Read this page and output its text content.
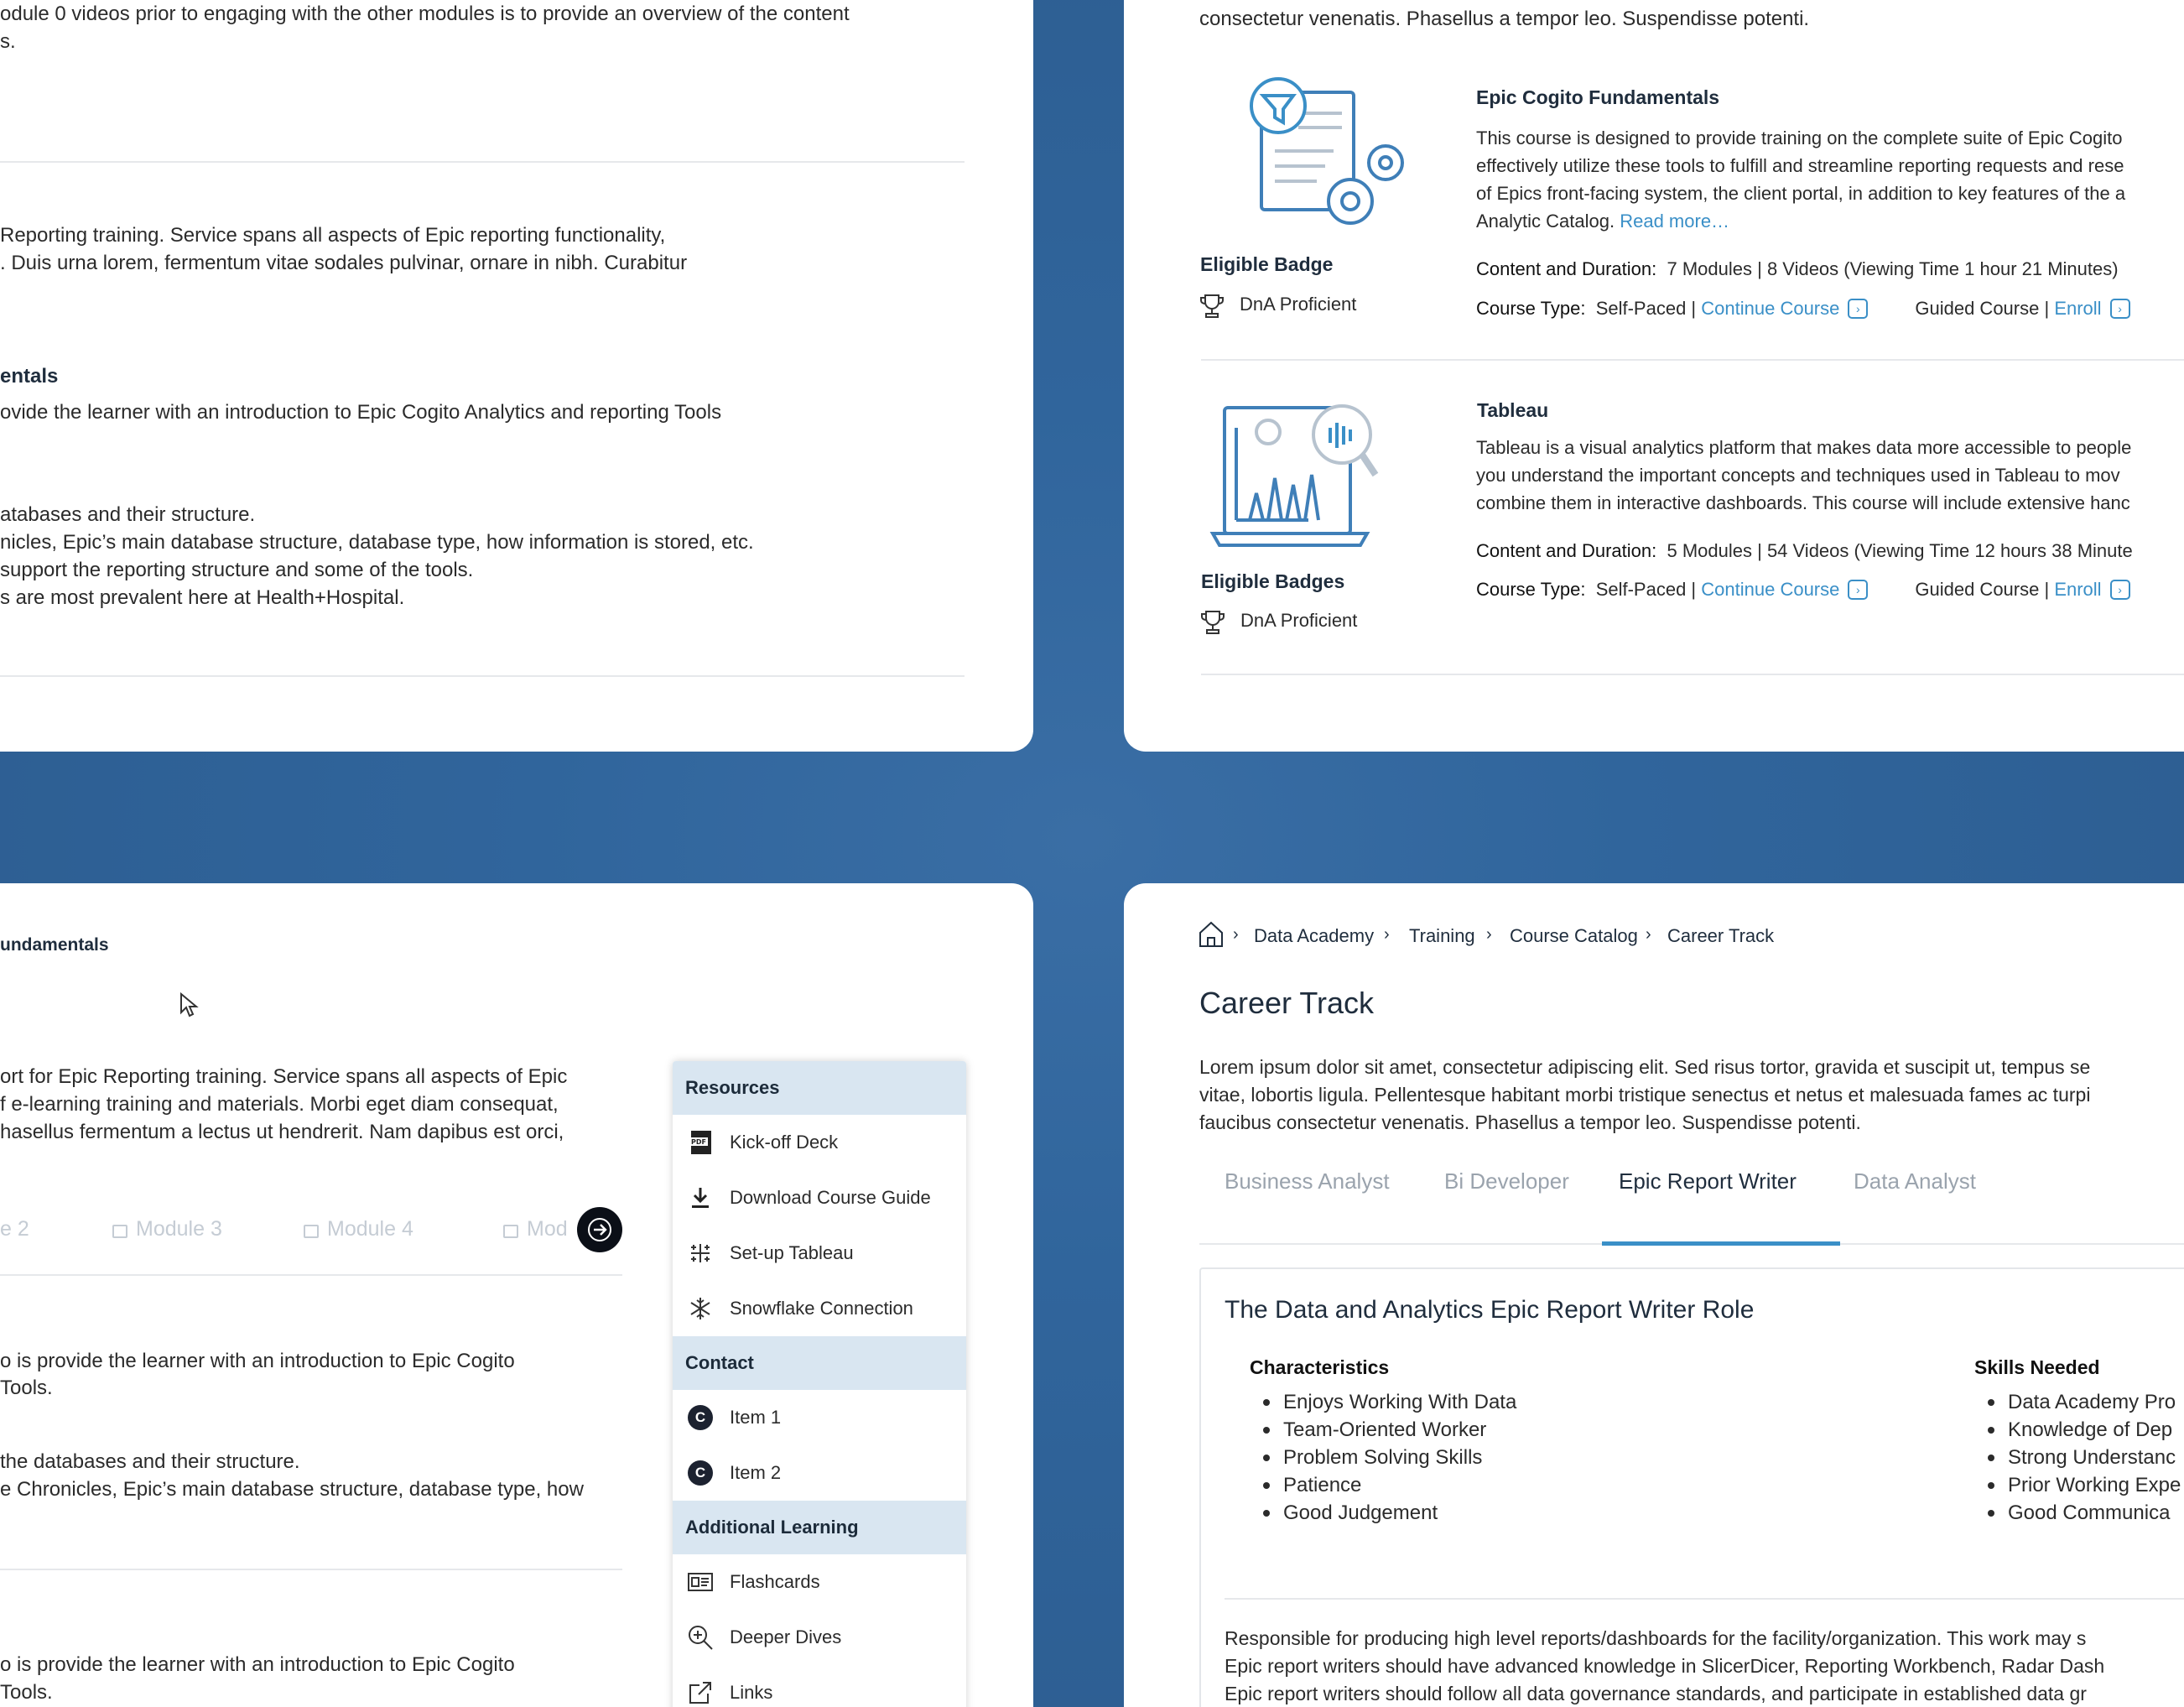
odule 0 videos prior to engaging with the other modules is to provide an overview of the content
s.
Reporting training. Service spans all aspects of Epic reporting functionality,
. Duis urna lorem, fermentum vitae sodales pulvinar, ornare in nibh. Curabitur
entals
ovide the learner with an introduction to Epic Cogito Analytics and reporting Tools
atabases and their structure.
nicles, Epic’s main database structure, database type, how information is stored, etc.
support the reporting structure and some of the tools.
s are most prevalent here at Health+Hospital.
consectetur venenatis. Phasellus a tempor leo. Suspendisse potenti.
Eligible Badge
DnA Proficient
Epic Cogito Fundamentals
This course is designed to provide training on the complete suite of Epic Cogito
effectively utilize these tools to fulfill and streamline reporting requests and rese
of Epics front-facing system, the client portal, in addition to key features of the a
Analytic Catalog. Read more…
Content and Duration: 7 Modules | 8 Videos (Viewing Time 1 hour 21 Minutes)
Course Type:
Self-Paced |
Continue Course	›	Guided Course |
Enroll	›
Eligible Badges
DnA Proficient
Tableau
Tableau is a visual analytics platform that makes data more accessible to people
you understand the important concepts and techniques used in Tableau to mov
combine them in interactive dashboards. This course will include extensive hanc
Content and Duration: 5 Modules | 54 Videos (Viewing Time 12 hours 38 Minute
Course Type:
Self-Paced |
Continue Course	›	Guided Course |
Enroll	›
undamentals
ort for Epic Reporting training. Service spans all aspects of Epic
f e-learning training and materials. Morbi eget diam consequat,
hasellus fermentum a lectus ut hendrerit. Nam dapibus est orci,
e 2	Module 3	Module 4	Mod
o is provide the learner with an introduction to Epic Cogito
Tools.
the databases and their structure.
e Chronicles, Epic’s main database structure, database type, how
o is provide the learner with an introduction to Epic Cogito
Tools.
Resources
PDF Kick-off Deck
Download Course Guide
Set-up Tableau
Snowflake Connection
Contact
C	Item 1
C	Item 2
Additional Learning
Flashcards
Deeper Dives
Links
› Data Academy › Training › Course Catalog › Career Track
Career Track
Lorem ipsum dolor sit amet, consectetur adipiscing elit. Sed risus tortor, gravida et suscipit ut, tempus se
vitae, lobortis ligula. Pellentesque habitant morbi tristique senectus et netus et malesuada fames ac turpi
faucibus consectetur venenatis. Phasellus a tempor leo. Suspendisse potenti.
Business Analyst	Bi Developer Epic Report Writer	Data Analyst
The Data and Analytics Epic Report Writer Role
Characteristics
Enjoys Working With Data
Team-Oriented Worker
Problem Solving Skills
Patience
Good Judgement
Skills Needed
Data Academy Pro
Knowledge of Dep
Strong Understanc
Prior Working Expe
Good Communica
Responsible for producing high level reports/dashboards for the facility/organization. This work may s
Epic report writers should have advanced knowledge in SlicerDicer, Reporting Workbench, Radar Dash
Epic report writers should follow all data governance standards, and participate in established data gr
